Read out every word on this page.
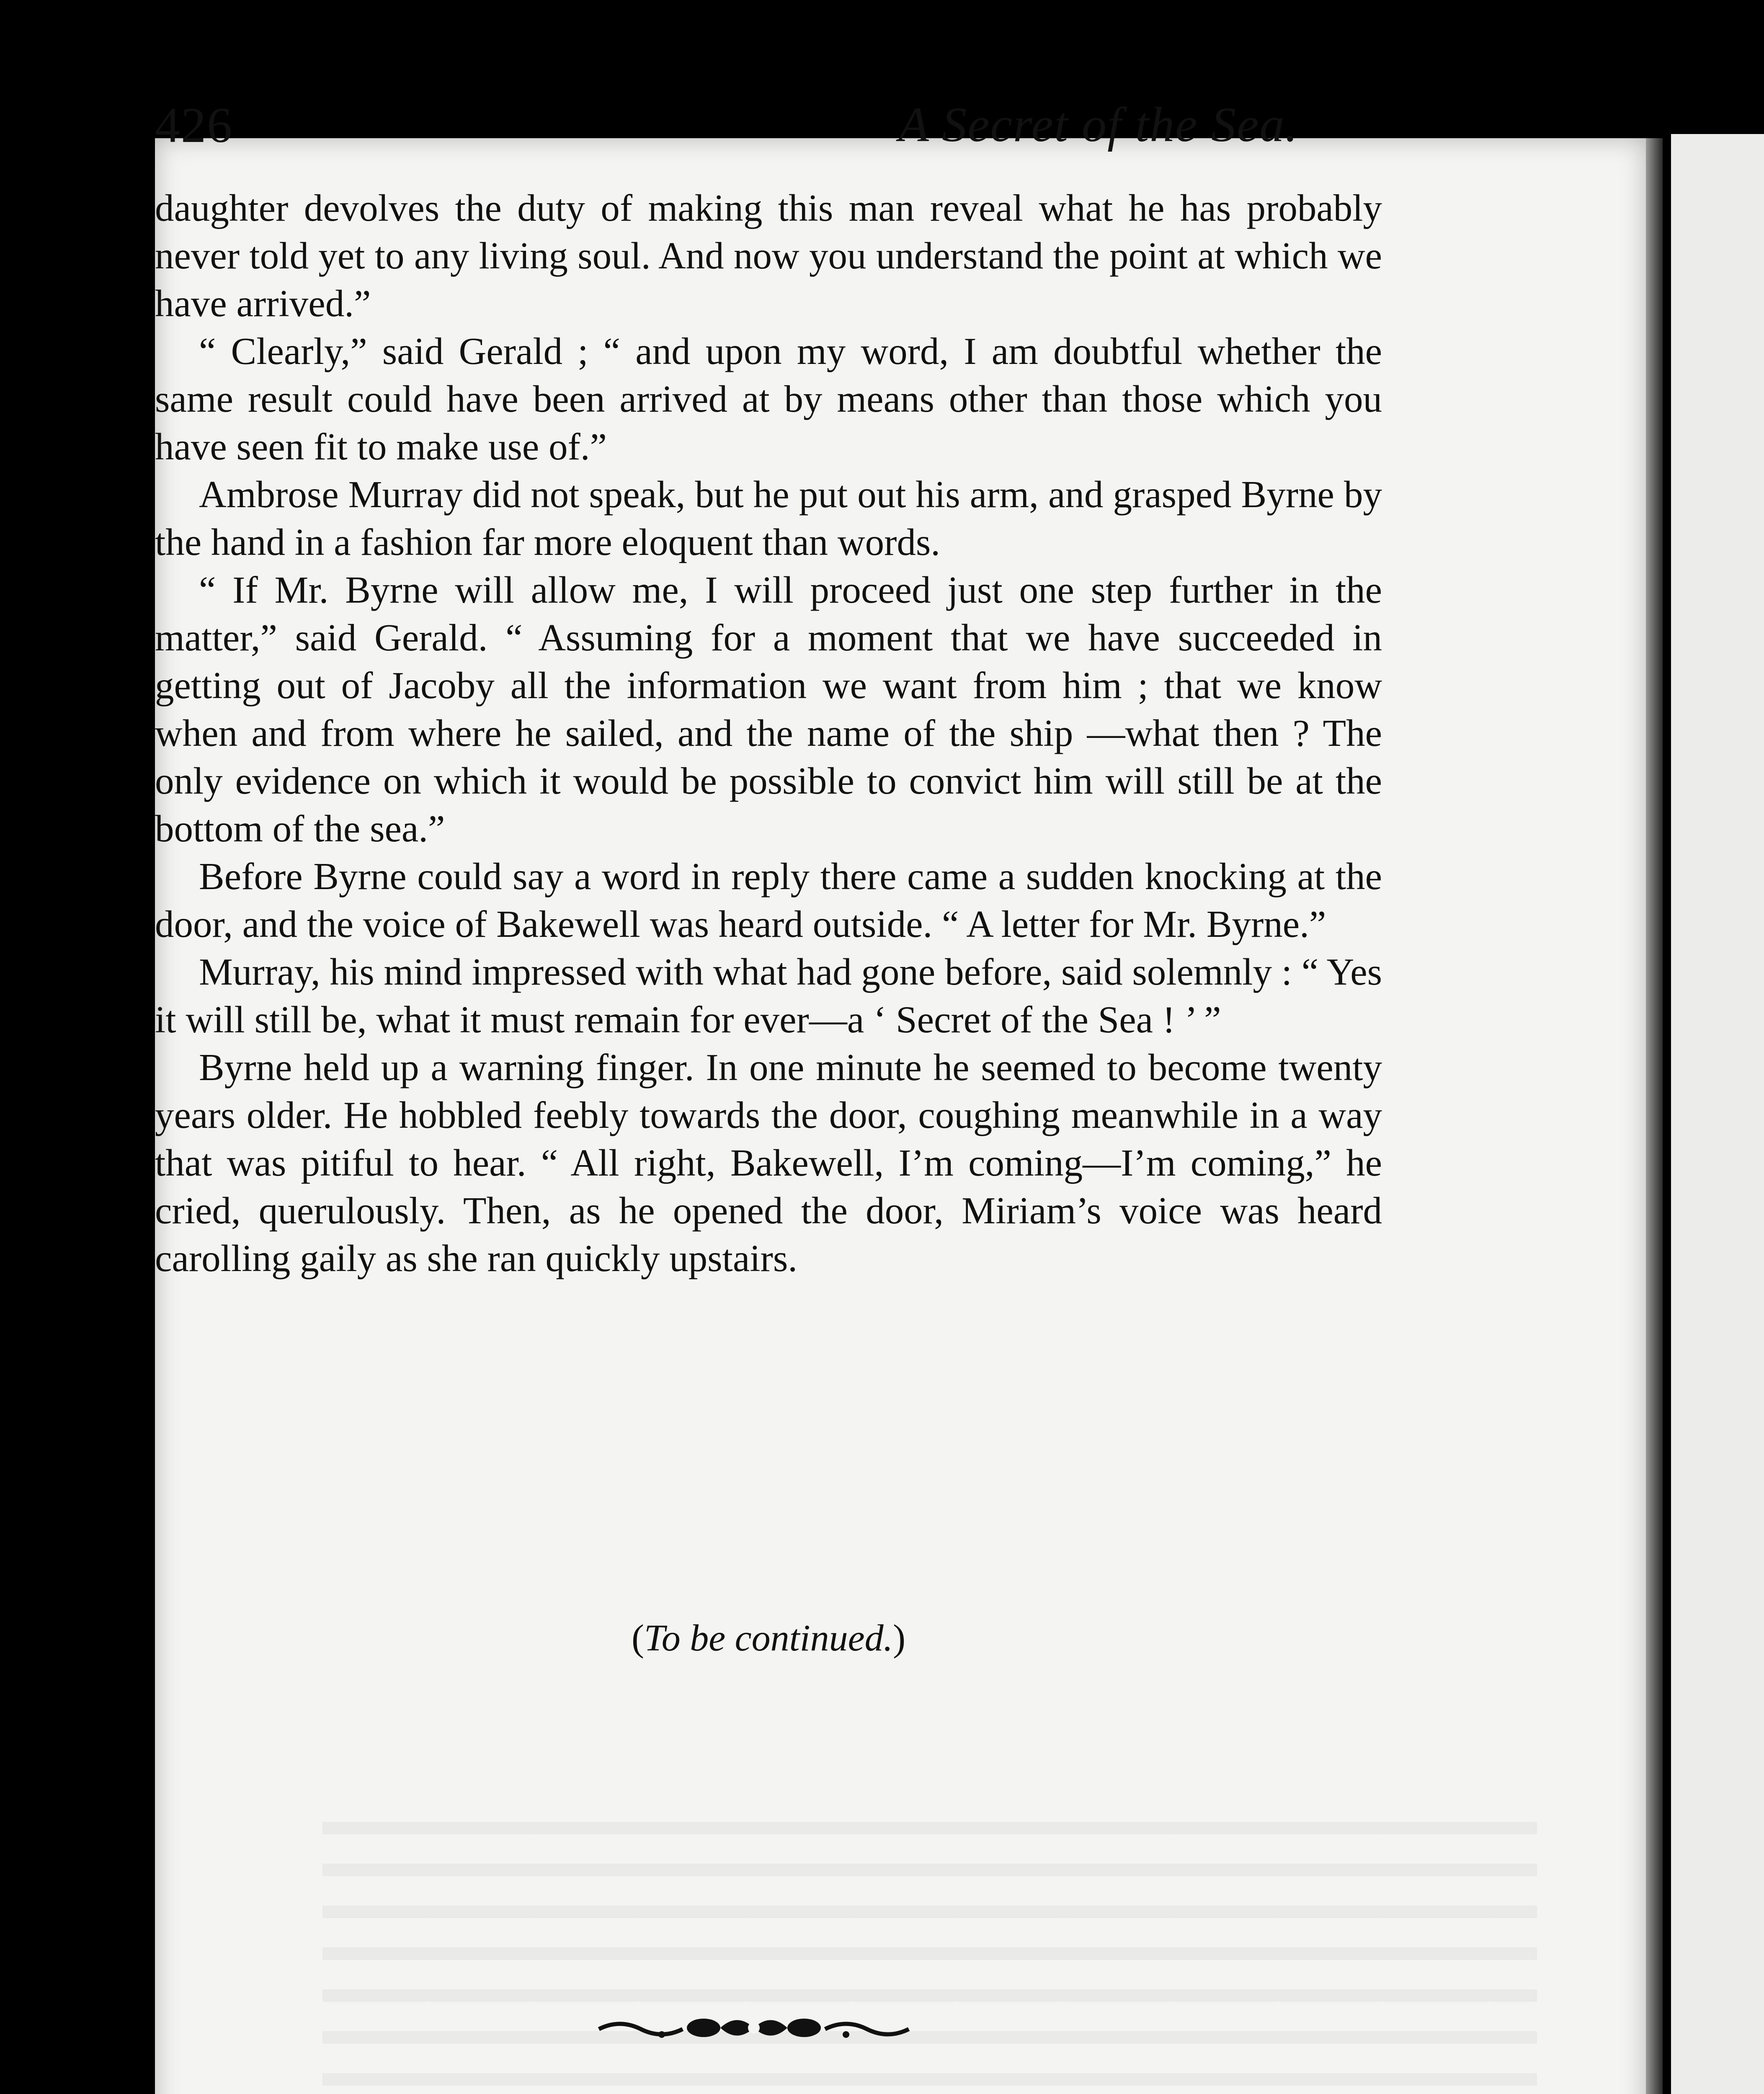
426	A Secret of the Sea.

daughter devolves the duty of making this man reveal what he has probably never told yet to any living soul. And now you understand the point at which we have arrived.”

“ Clearly,” said Gerald ; “ and upon my word, I am doubtful whether the same result could have been arrived at by means other than those which you have seen fit to make use of.”

Ambrose Murray did not speak, but he put out his arm, and grasped Byrne by the hand in a fashion far more eloquent than words.

“ If Mr. Byrne will allow me, I will proceed just one step further in the matter,” said Gerald. “ Assuming for a moment that we have succeeded in getting out of Jacoby all the information we want from him ; that we know when and from where he sailed, and the name of the ship —what then ? The only evidence on which it would be possible to convict him will still be at the bottom of the sea.”

Before Byrne could say a word in reply there came a sudden knocking at the door, and the voice of Bakewell was heard outside. “ A letter for Mr. Byrne.”

Murray, his mind impressed with what had gone before, said solemnly : “ Yes it will still be, what it must remain for ever—a ‘ Secret of the Sea ! ’ ”

Byrne held up a warning finger. In one minute he seemed to become twenty years older. He hobbled feebly towards the door, coughing meanwhile in a way that was pitiful to hear. “ All right, Bakewell, I’m coming—I’m coming,” he cried, querulously. Then, as he opened the door, Miriam’s voice was heard carolling gaily as she ran quickly upstairs.

(To be continued.)
